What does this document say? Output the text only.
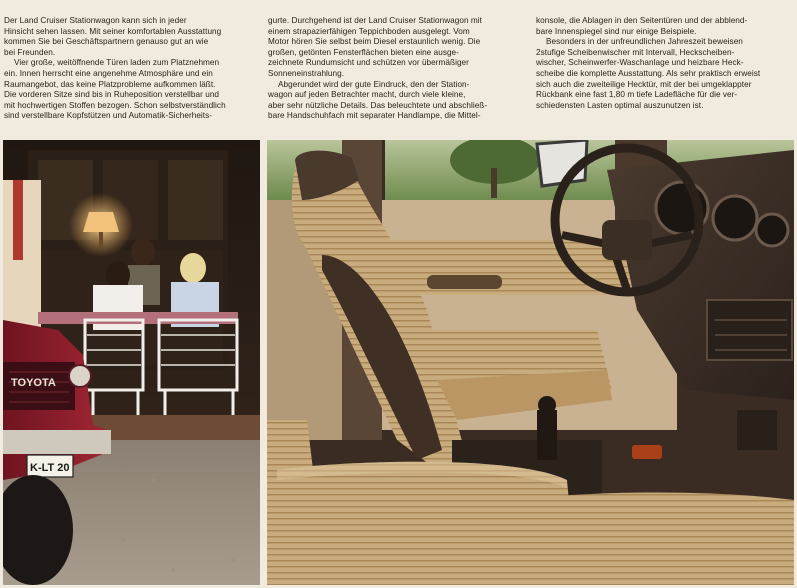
Der Land Cruiser Stationwagon kann sich in jeder

Hinsicht sehen lassen. Mit seiner komfortablen Ausstattung

kommen Sie bei Geschäftspartnern genauso gut an wie

bei Freunden.

Vier große, weitöffnende Türen laden zum Platznehmen

ein. Innen herrscht eine angenehme Atmosphäre und ein

Raumangebot, das keine Platzprobleme aufkommen läßt.

Die vorderen Sitze sind bis in Ruheposition verstellbar und

mit hochwertigen Stoffen bezogen. Schon selbstverständlich

sind verstellbare Kopfstützen und Automatik-Sicherheits-

gurte. Durchgehend ist der Land Cruiser Stationwagon mit

einem strapazierfähigen Teppichboden ausgelegt. Vom

Motor hören Sie selbst beim Diesel erstaunlich wenig. Die

großen, getönten Fensterflächen bieten eine ausge-

zeichnete Rundumsicht und schützen vor übermäßiger

Sonneneinstrahlung.

Abgerundet wird der gute Eindruck, den der Station-

wagon auf jeden Betrachter macht, durch viele kleine,

aber sehr nützliche Details. Das beleuchtete und abschließ-

bare Handschuhfach mit separater Handlampe, die Mittel-

konsole, die Ablagen in den Seitentüren und der abblend-

bare Innenspiegel sind nur einige Beispiele.

Besonders in der unfreundlichen Jahreszeit beweisen

2stufige Scheibenwischer mit Intervall, Heckscheiben-

wischer, Scheinwerfer-Waschanlage und heizbare Heck-

scheibe die komplette Ausstattung. Als sehr praktisch erweist

sich auch die zweiteilige Hecktür, mit der bei umgeklappter

Rückbank eine fast 1,80 m tiefe Ladefläche für die ver-

schiedensten Lasten optimal auszunutzen ist.

TOYOTA
K-LT 20
